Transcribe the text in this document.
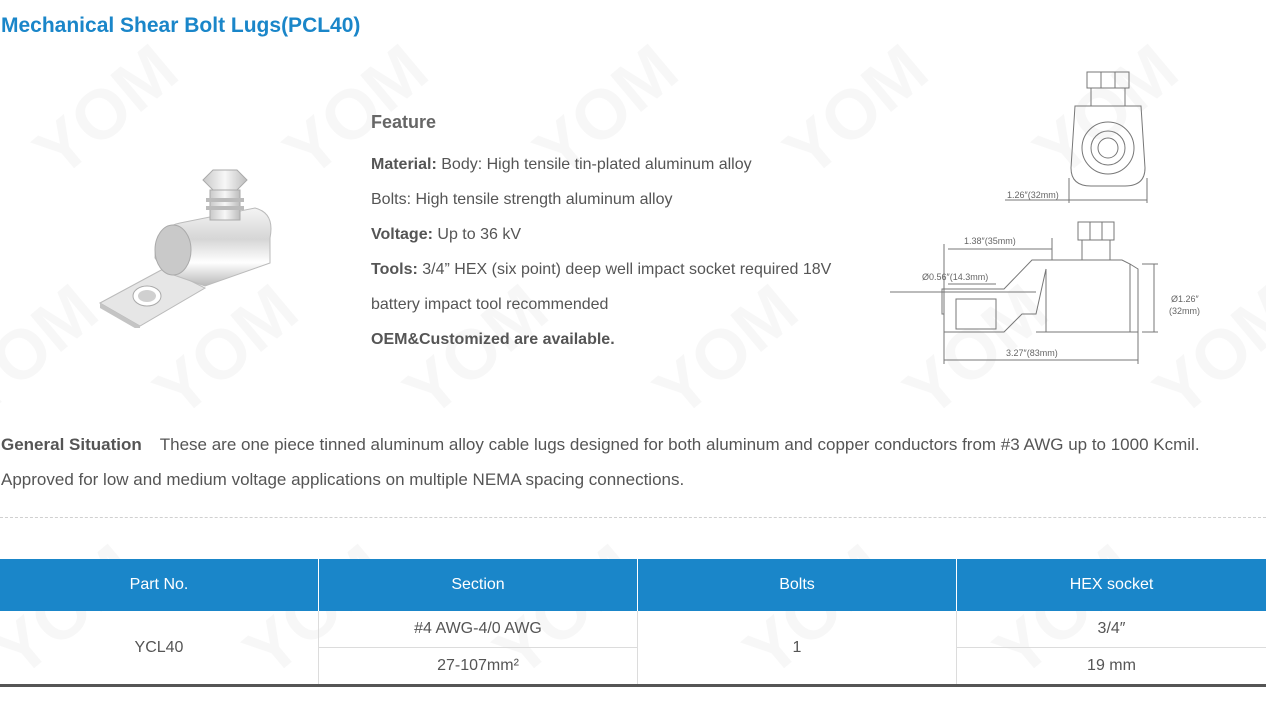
Mechanical Shear Bolt Lugs(PCL40)
Feature
Material: Body: High tensile tin-plated aluminum alloy
Bolts: High tensile strength aluminum alloy
Voltage: Up to 36 kV
Tools: 3/4” HEX (six point) deep well impact socket required 18V
battery impact tool recommended
OEM&Customized are available.
1.26″(32mm)
1.38″(35mm)
Ø0.56″(14.3mm)
Ø1.26″
(32mm)
3.27″(83mm)
General Situation These are one piece tinned aluminum alloy cable lugs designed for both aluminum and copper conductors from #3 AWG up to 1000 Kcmil. Approved for low and medium voltage applications on multiple NEMA spacing connections.
Part No.	Section	Bolts	HEX socket
YCL40	#4 AWG-4/0 AWG	1	3/4″
	27-107mm²		19 mm
